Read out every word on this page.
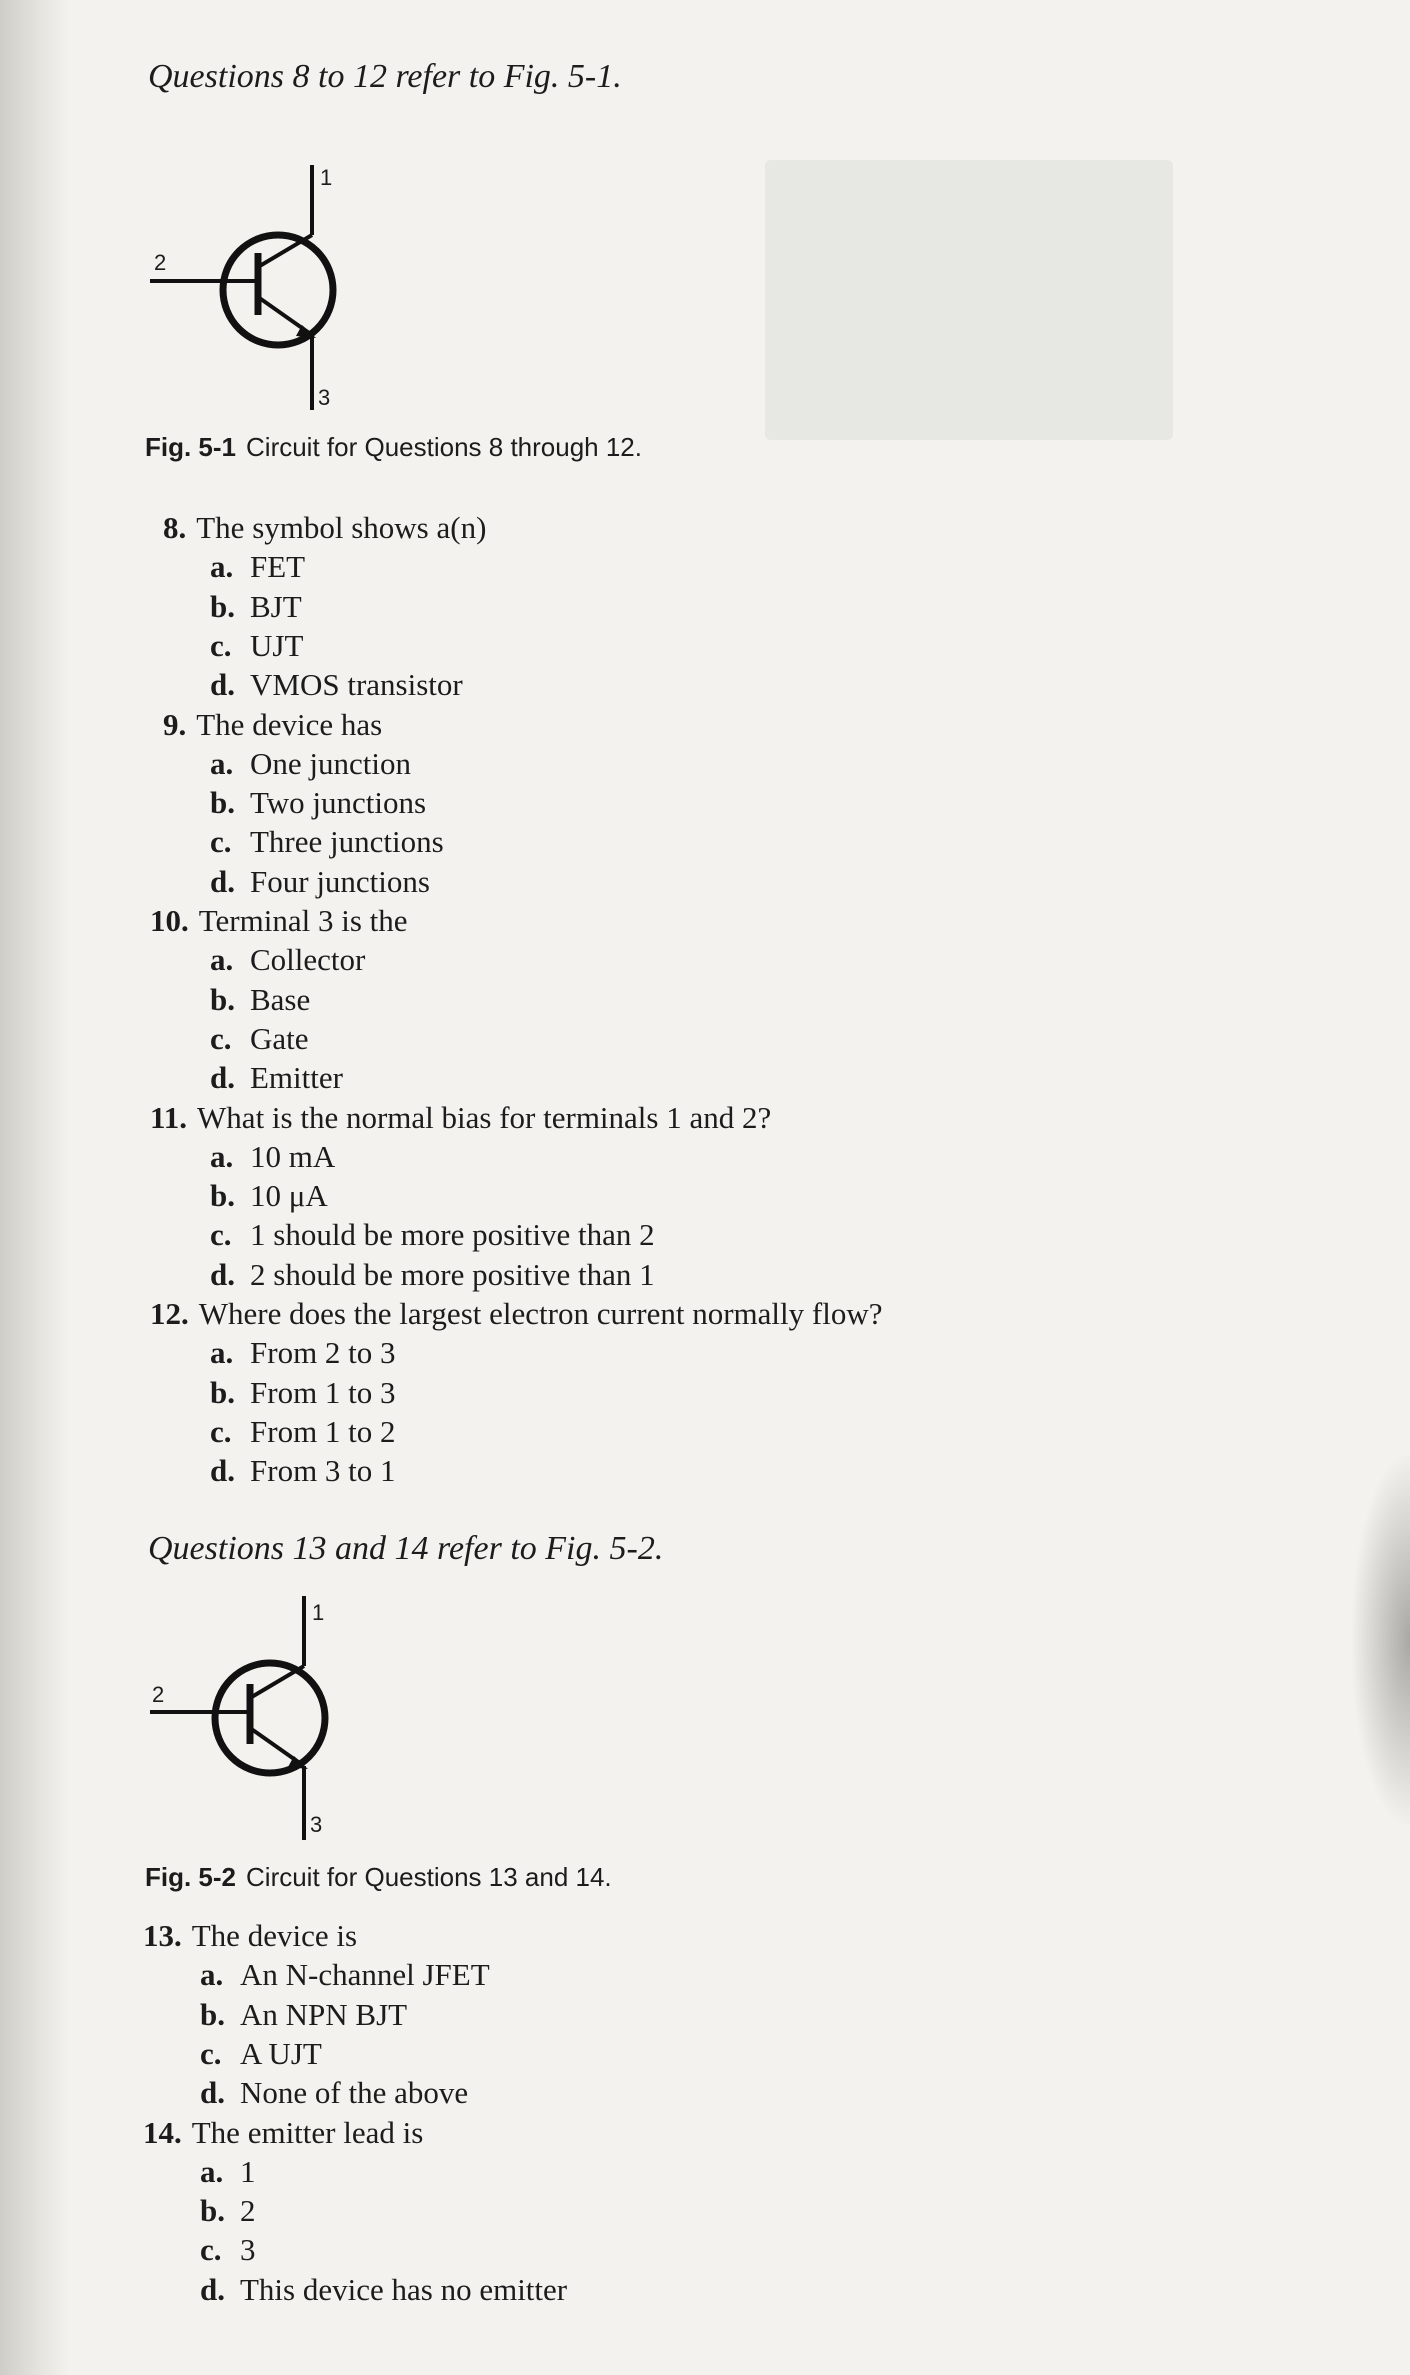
Questions 8 to 12 refer to Fig. 5-1.
1
2
3
Fig. 5-1 Circuit for Questions 8 through 12.
8. The symbol shows a(n)
a. FET
b. BJT
c. UJT
d. VMOS transistor
9. The device has
a. One junction
b. Two junctions
c. Three junctions
d. Four junctions
10. Terminal 3 is the
a. Collector
b. Base
c. Gate
d. Emitter
11. What is the normal bias for terminals 1 and 2?
a. 10 mA
b. 10 μA
c. 1 should be more positive than 2
d. 2 should be more positive than 1
12. Where does the largest electron current normally flow?
a. From 2 to 3
b. From 1 to 3
c. From 1 to 2
d. From 3 to 1
Questions 13 and 14 refer to Fig. 5-2.
1
2
3
Fig. 5-2 Circuit for Questions 13 and 14.
13. The device is
a. An N-channel JFET
b. An NPN BJT
c. A UJT
d. None of the above
14. The emitter lead is
a. 1
b. 2
c. 3
d. This device has no emitter
